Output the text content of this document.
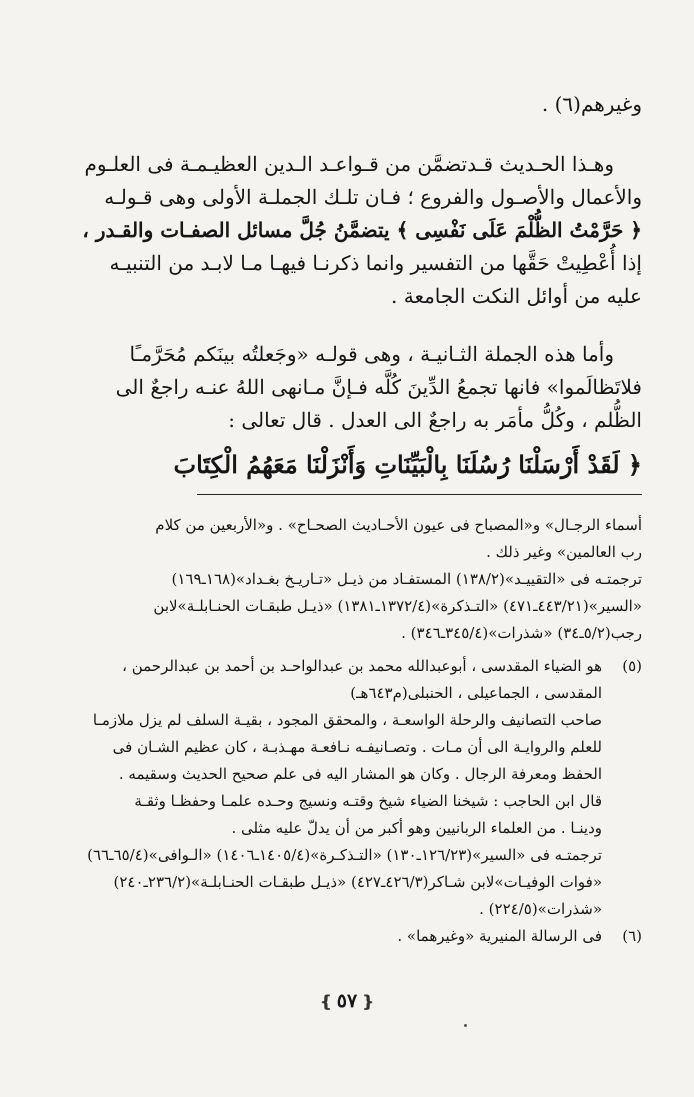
وغيرهم(٦) .

وهـذا الحـديث قـدتضمَّن من قـواعـد الـدين العظيـمـة فى العلـوم

والأعمال والأصـول والفروع ؛ فـان تلـك الجملـة الأولى وهى قـولـه

﴿ حَرَّمْتُ الظُّلْمَ عَلَى نَفْسِى ﴾ يتضمَّنُ جُلَّ مسائل الصفـات والقـدر ،

إذا أُعْطِيتْ حَقَّها من التفسير وانما ذكرنـا فيهـا مـا لابـد من التنبيـه

عليه من أوائل النكت الجامعة .

وأما هذه الجملة الثـانيـة ، وهى قولـه «وجَعلتُه بينَكم مُحَرَّمـًا

فلاتَظالَموا» فانها تجمعُ الدِّينَ كُلَّه فـإنَّ مـانهى اللهُ عنـه راجعٌ الى

الظُّلم ، وكُلُّ مأمَر به راجعٌ الى العدل . قال تعالى :

﴿ لَقَدْ أَرْسَلْنَا رُسُلَنَا بِالْبَيِّنَاتِ وَأَنْزَلْنَا مَعَهُمُ الْكِتَابَ
أسماء الرجـال» و«المصباح فى عيون الأحـاديث الصحـاح» . و«الأربعين من كلام
رب العالمين» وغير ذلك .
ترجمتـه فى «التقييـد»(١٣٨/٢) المستفـاد من ذيـل «تـاريـخ بغـداد»(١٦٨ـ١٦٩)
«السير»(٤٤٣/٢١ـ٤٧١) «التـذكرة»(١٣٧٢/٤ـ١٣٨١) «ذيـل طبقـات الحنـابلـة»لابن
رجب(٥/٢ـ٣٤) «شذرات»(٣٤٥/٤ـ٣٤٦) .
(٥)
هو الضياء المقدسى ، أبوعبدالله محمد بن عبدالواحـد بن أحمد بن عبدالرحمن ،
المقدسى ، الجماعيلى ، الحنبلى(م٦٤٣هـ)
صاحب التصانيف والرحلة الواسعـة ، والمحقق المجود ، بقيـة السلف لم يزل ملازمـا
للعلم والروايـة الى أن مـات . وتصـانيفـه نـافعـة مهـذبـة ، كان عظيم الشـان فى
الحفظ ومعرفة الرجال . وكان هو المشار اليه فى علم صحيح الحديث وسقيمه .
قال ابن الحاجب : شيخنا الضياء شيخ وقتـه ونسيج وحـده علمـا وحفظـا وثقـة
ودينـا . من العلماء الربانيين وهو أكبر من أن يدلّ عليه مثلى .
ترجمتـه فى «السير»(١٢٦/٢٣ـ١٣٠) «التـذكـرة»(١٤٠٥/٤ـ١٤٠٦) «الـوافى»(٦٥/٤ـ٦٦)
«فوات الوفيـات»لابن شـاكر(٤٢٦/٣ـ٤٢٧) «ذيـل طبقـات الحنـابلـة»(٢٣٦/٢ـ٢٤٠)
«شذرات»(٢٢٤/٥) .
(٦)
فى الرسالة المنيرية «وغيرهما» .
❴٥٧❵
